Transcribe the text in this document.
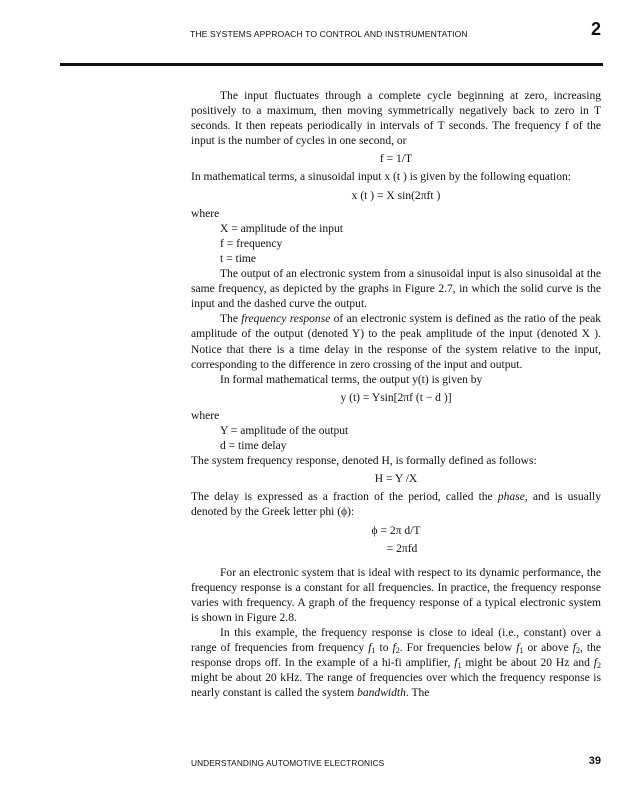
THE SYSTEMS APPROACH TO CONTROL AND INSTRUMENTATION	2

The input fluctuates through a complete cycle beginning at zero, increasing positively to a maximum, then moving symmetrically negatively back to zero in T seconds. It then repeats periodically in intervals of T seconds. The frequency f of the input is the number of cycles in one second, or

f = 1/T

In mathematical terms, a sinusoidal input x (t ) is given by the following equation:

x (t ) = X sin(2πft )
where
X = amplitude of the input
f = frequency
t = time

The output of an electronic system from a sinusoidal input is also sinusoidal at the same frequency, as depicted by the graphs in Figure 2.7, in which the solid curve is the input and the dashed curve the output.

The frequency response of an electronic system is defined as the ratio of the peak amplitude of the output (denoted Y) to the peak amplitude of the input (denoted X ). Notice that there is a time delay in the response of the system relative to the input, corresponding to the difference in zero crossing of the input and output.

In formal mathematical terms, the output y(t) is given by

y (t) = Ysin[2πf (t − d )]
where
Y = amplitude of the output
d = time delay

The system frequency response, denoted H, is formally defined as follows:

H = Y /X

The delay is expressed as a fraction of the period, called the phase, and is usually denoted by the Greek letter phi (ϕ):

ϕ = 2π d/T
= 2πfd

For an electronic system that is ideal with respect to its dynamic performance, the frequency response is a constant for all frequencies. In practice, the frequency response varies with frequency. A graph of the frequency response of a typical electronic system is shown in Figure 2.8.

In this example, the frequency response is close to ideal (i.e., constant) over a range of frequencies from frequency $f_1$ to $f_2$. For frequencies below $f_1$ or above $f_2$, the response drops off. In the example of a hi-fi amplifier, $f_1$ might be about 20 Hz and $f_2$ might be about 20 kHz. The range of frequencies over which the frequency response is nearly constant is called the system bandwidth. The

UNDERSTANDING AUTOMOTIVE ELECTRONICS	39
